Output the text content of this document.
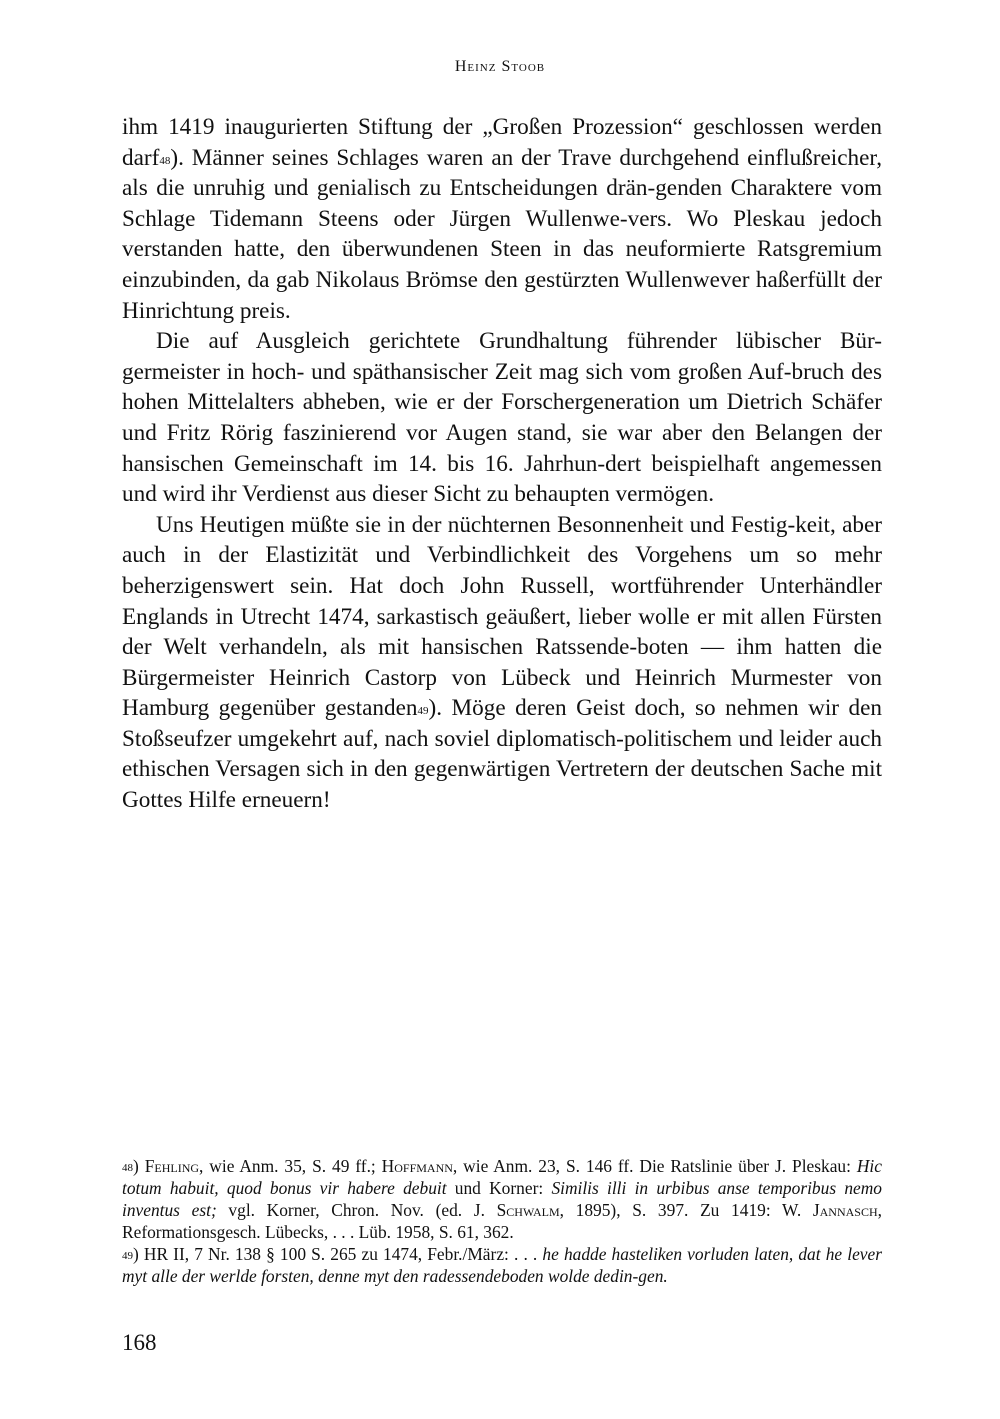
Heinz Stoob

ihm 1419 inaugurierten Stiftung der „Großen Prozession“ geschlossen werden darf$^{48}$). Männer seines Schlages waren an der Trave durchgehend einflußreicher, als die unruhig und genialisch zu Entscheidungen drän-genden Charaktere vom Schlage Tidemann Steens oder Jürgen Wullenwe-vers. Wo Pleskau jedoch verstanden hatte, den überwundenen Steen in das neuformierte Ratsgremium einzubinden, da gab Nikolaus Brömse den gestürzten Wullenwever haßerfüllt der Hinrichtung preis.

Die auf Ausgleich gerichtete Grundhaltung führender lübischer Bür-germeister in hoch- und späthansischer Zeit mag sich vom großen Auf-bruch des hohen Mittelalters abheben, wie er der Forschergeneration um Dietrich Schäfer und Fritz Rörig faszinierend vor Augen stand, sie war aber den Belangen der hansischen Gemeinschaft im 14. bis 16. Jahrhun-dert beispielhaft angemessen und wird ihr Verdienst aus dieser Sicht zu behaupten vermögen.

Uns Heutigen müßte sie in der nüchternen Besonnenheit und Festig-keit, aber auch in der Elastizität und Verbindlichkeit des Vorgehens um so mehr beherzigenswert sein. Hat doch John Russell, wortführender Unterhändler Englands in Utrecht 1474, sarkastisch geäußert, lieber wolle er mit allen Fürsten der Welt verhandeln, als mit hansischen Ratssende-boten — ihm hatten die Bürgermeister Heinrich Castorp von Lübeck und Heinrich Murmester von Hamburg gegenüber gestanden$^{49}$). Möge deren Geist doch, so nehmen wir den Stoßseufzer umgekehrt auf, nach soviel diplomatisch-politischem und leider auch ethischen Versagen sich in den gegenwärtigen Vertretern der deutschen Sache mit Gottes Hilfe erneuern!

$^{48}$) Fehling, wie Anm. 35, S. 49 ff.; Hoffmann, wie Anm. 23, S. 146 ff. Die Ratslinie über J. Pleskau: Hic totum habuit, quod bonus vir habere debuit und Korner: Similis illi in urbibus anse temporibus nemo inventus est; vgl. Korner, Chron. Nov. (ed. J. Schwalm, 1895), S. 397. Zu 1419: W. Jannasch, Reformationsgesch. Lübecks, . . . Lüb. 1958, S. 61, 362.

$^{49}$) HR II, 7 Nr. 138 § 100 S. 265 zu 1474, Febr./März: . . . he hadde hasteliken vorluden laten, dat he lever myt alle der werlde forsten, denne myt den radessendeboden wolde dedin-gen.

168
